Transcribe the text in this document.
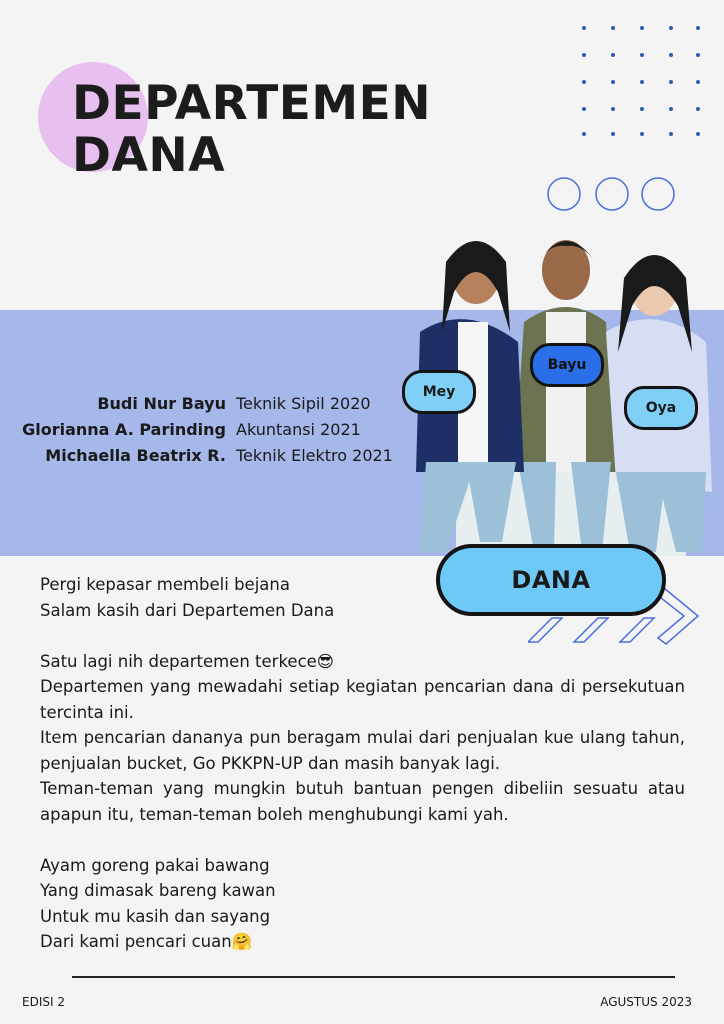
DEPARTEMEN
DANA
Budi Nur Bayu Teknik Sipil 2020
Glorianna A. Parinding Akuntansi 2021
Michaella Beatrix R. Teknik Elektro 2021
Mey
Bayu
Oya
DANA

Pergi kepasar membeli bejana

Salam kasih dari Departemen Dana

Satu lagi nih departemen terkece😎

Departemen yang mewadahi setiap kegiatan pencarian dana di persekutuan tercinta ini.

Item pencarian dananya pun beragam mulai dari penjualan kue ulang tahun, penjualan bucket, Go PKKPN-UP dan masih banyak lagi.

Teman-teman yang mungkin butuh bantuan pengen dibeliin sesuatu atau apapun itu, teman-teman boleh menghubungi kami yah.

Ayam goreng pakai bawang

Yang dimasak bareng kawan

Untuk mu kasih dan sayang

Dari kami pencari cuan🤗

EDISI 2	AGUSTUS 2023
